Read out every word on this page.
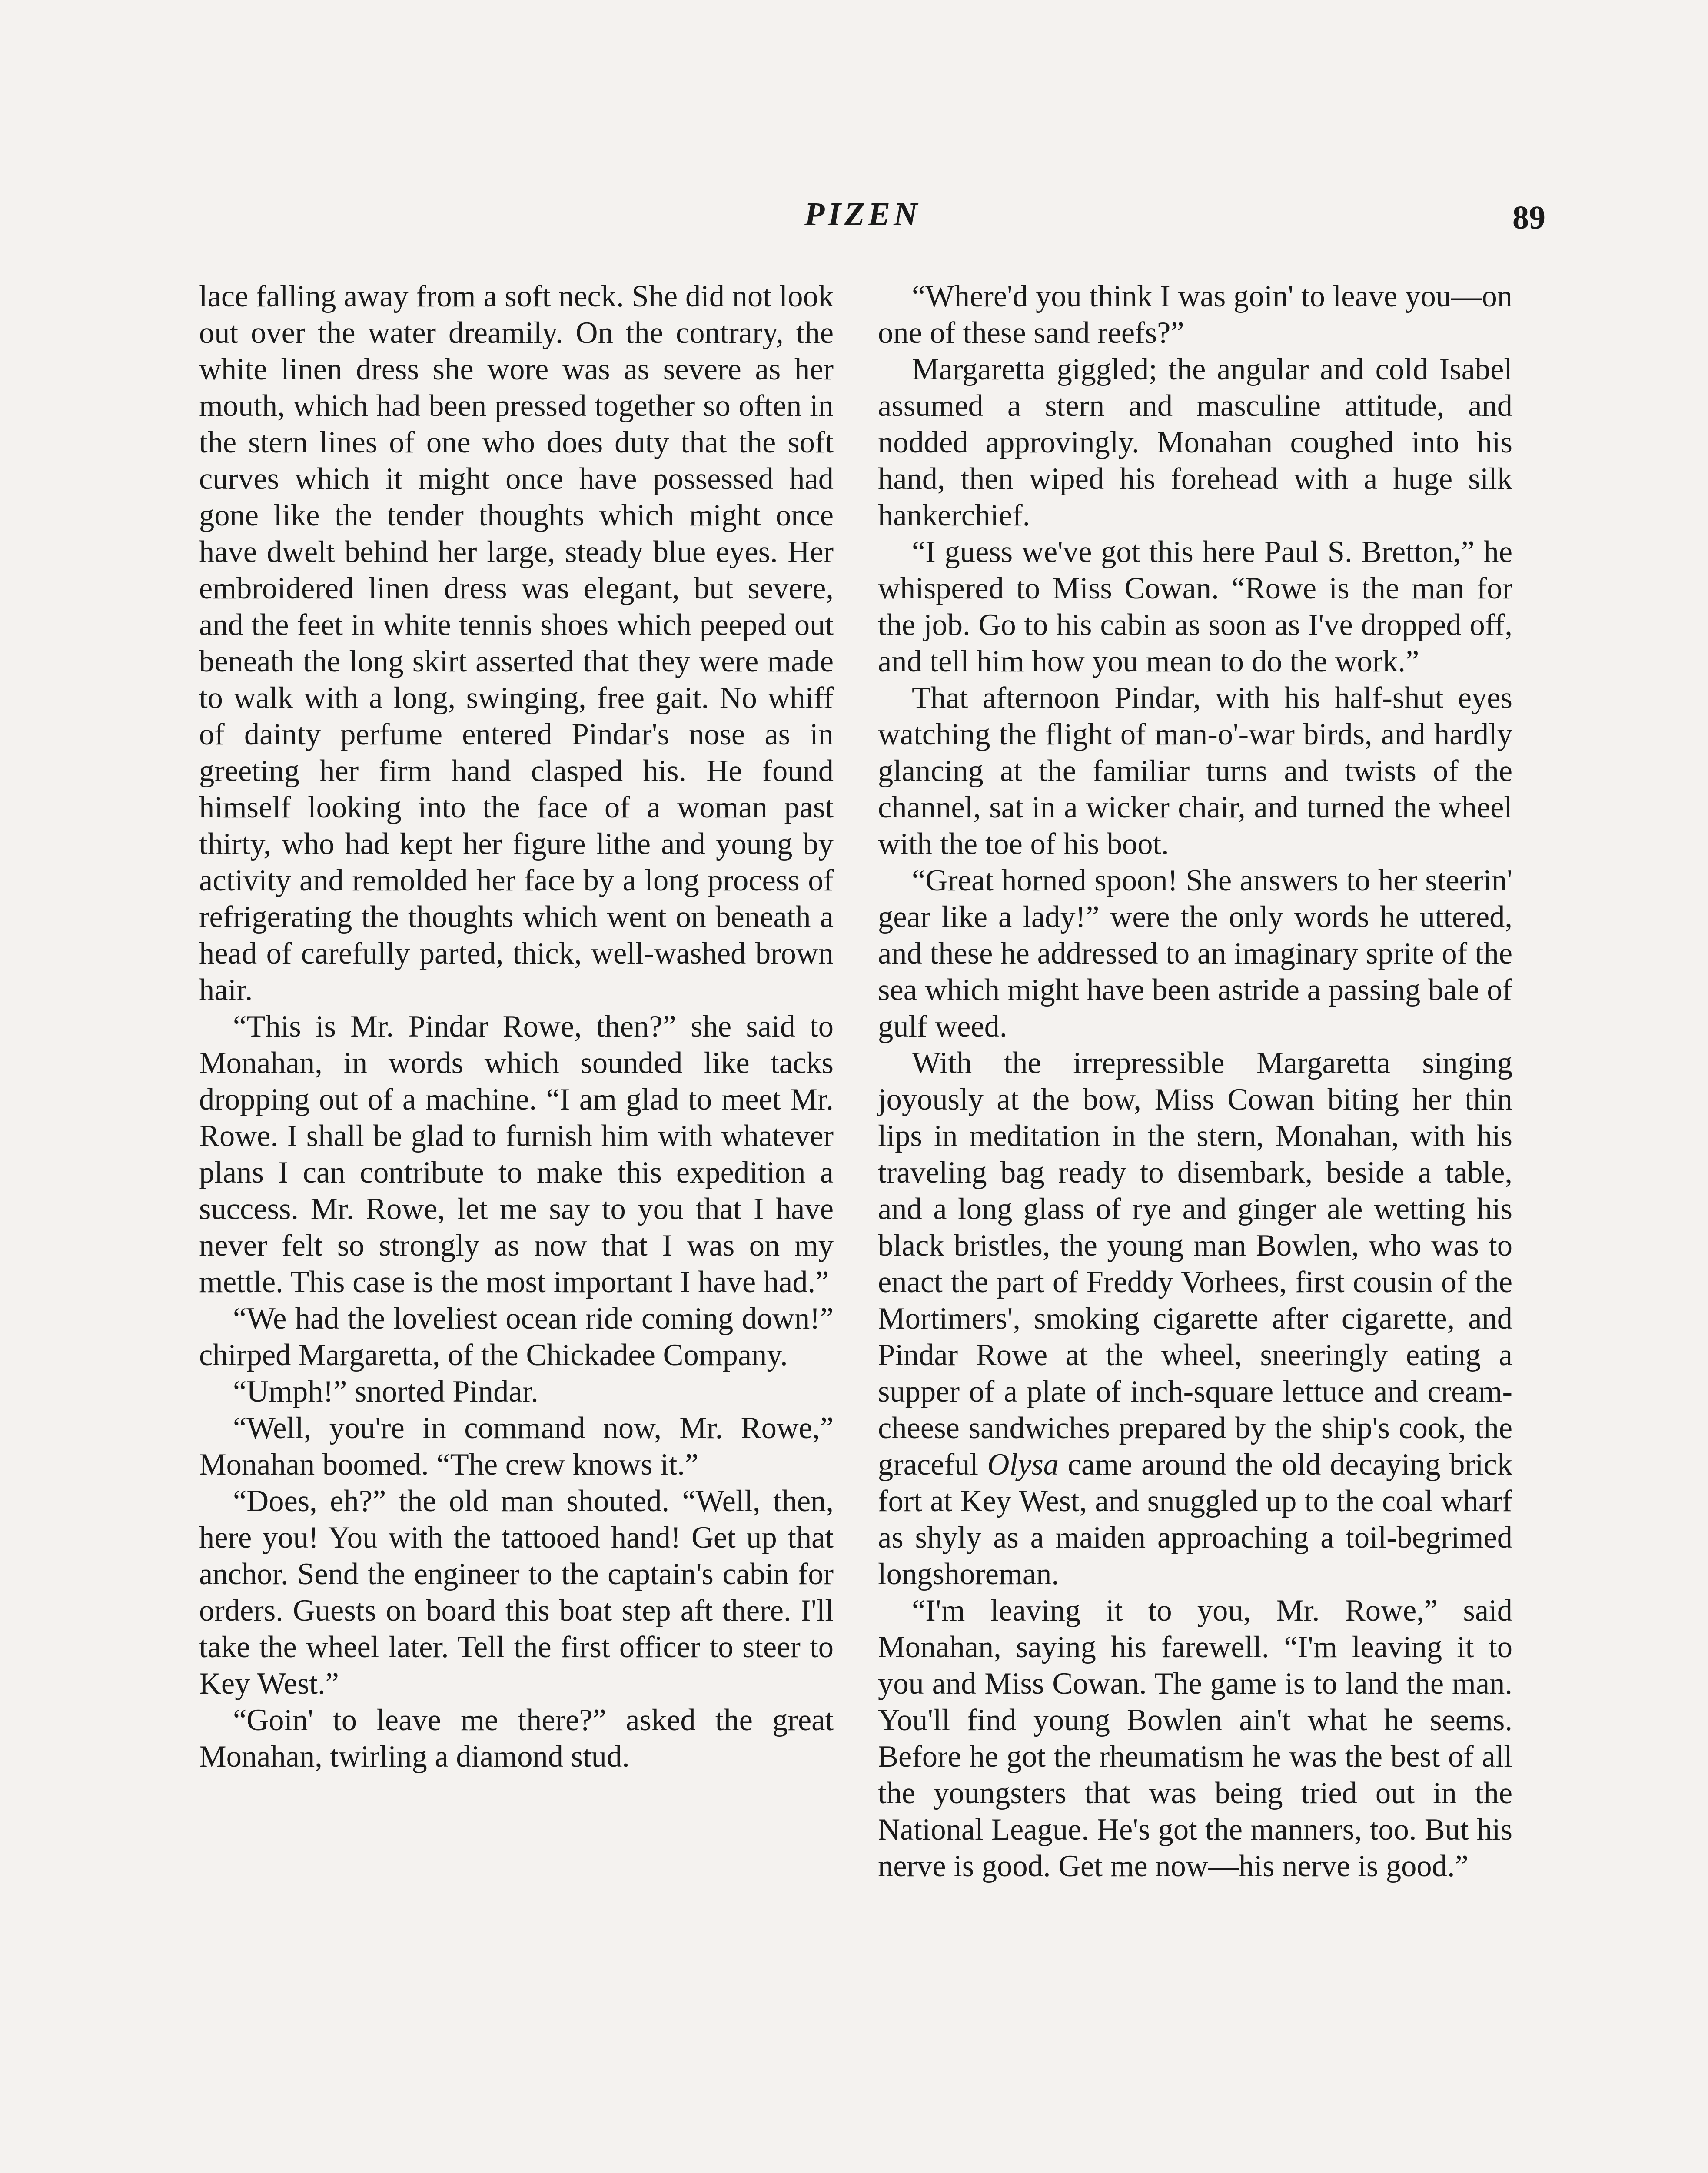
PIZEN	89

lace falling away from a soft neck. She did not look out over the water dreamily. On the contrary, the white linen dress she wore was as severe as her mouth, which had been pressed together so often in the stern lines of one who does duty that the soft curves which it might once have possessed had gone like the tender thoughts which might once have dwelt behind her large, steady blue eyes. Her embroidered linen dress was elegant, but severe, and the feet in white tennis shoes which peeped out beneath the long skirt asserted that they were made to walk with a long, swinging, free gait. No whiff of dainty perfume entered Pindar's nose as in greeting her firm hand clasped his. He found himself looking into the face of a woman past thirty, who had kept her figure lithe and young by activity and remolded her face by a long process of refrigerating the thoughts which went on beneath a head of carefully parted, thick, well-washed brown hair.

“This is Mr. Pindar Rowe, then?” she said to Monahan, in words which sounded like tacks dropping out of a machine. “I am glad to meet Mr. Rowe. I shall be glad to furnish him with whatever plans I can contribute to make this expedition a success. Mr. Rowe, let me say to you that I have never felt so strongly as now that I was on my mettle. This case is the most important I have had.”

“We had the loveliest ocean ride coming down!” chirped Margaretta, of the Chickadee Company.

“Umph!” snorted Pindar.

“Well, you're in command now, Mr. Rowe,” Monahan boomed. “The crew knows it.”

“Does, eh?” the old man shouted. “Well, then, here you! You with the tattooed hand! Get up that anchor. Send the engineer to the captain's cabin for orders. Guests on board this boat step aft there. I'll take the wheel later. Tell the first officer to steer to Key West.”

“Goin' to leave me there?” asked the great Monahan, twirling a diamond stud.

“Where'd you think I was goin' to leave you—on one of these sand reefs?”

Margaretta giggled; the angular and cold Isabel assumed a stern and masculine attitude, and nodded approvingly. Monahan coughed into his hand, then wiped his forehead with a huge silk hankerchief.

“I guess we've got this here Paul S. Bretton,” he whispered to Miss Cowan. “Rowe is the man for the job. Go to his cabin as soon as I've dropped off, and tell him how you mean to do the work.”

That afternoon Pindar, with his half-shut eyes watching the flight of man-o'-war birds, and hardly glancing at the familiar turns and twists of the channel, sat in a wicker chair, and turned the wheel with the toe of his boot.

“Great horned spoon! She answers to her steerin' gear like a lady!” were the only words he uttered, and these he addressed to an imaginary sprite of the sea which might have been astride a passing bale of gulf weed.

With the irrepressible Margaretta singing joyously at the bow, Miss Cowan biting her thin lips in meditation in the stern, Monahan, with his traveling bag ready to disembark, beside a table, and a long glass of rye and ginger ale wetting his black bristles, the young man Bowlen, who was to enact the part of Freddy Vorhees, first cousin of the Mortimers', smoking cigarette after cigarette, and Pindar Rowe at the wheel, sneeringly eating a supper of a plate of inch-square lettuce and cream-cheese sandwiches prepared by the ship's cook, the graceful Olysa came around the old decaying brick fort at Key West, and snuggled up to the coal wharf as shyly as a maiden approaching a toil-begrimed longshoreman.

“I'm leaving it to you, Mr. Rowe,” said Monahan, saying his farewell. “I'm leaving it to you and Miss Cowan. The game is to land the man. You'll find young Bowlen ain't what he seems. Before he got the rheumatism he was the best of all the youngsters that was being tried out in the National League. He's got the manners, too. But his nerve is good. Get me now—his nerve is good.”
